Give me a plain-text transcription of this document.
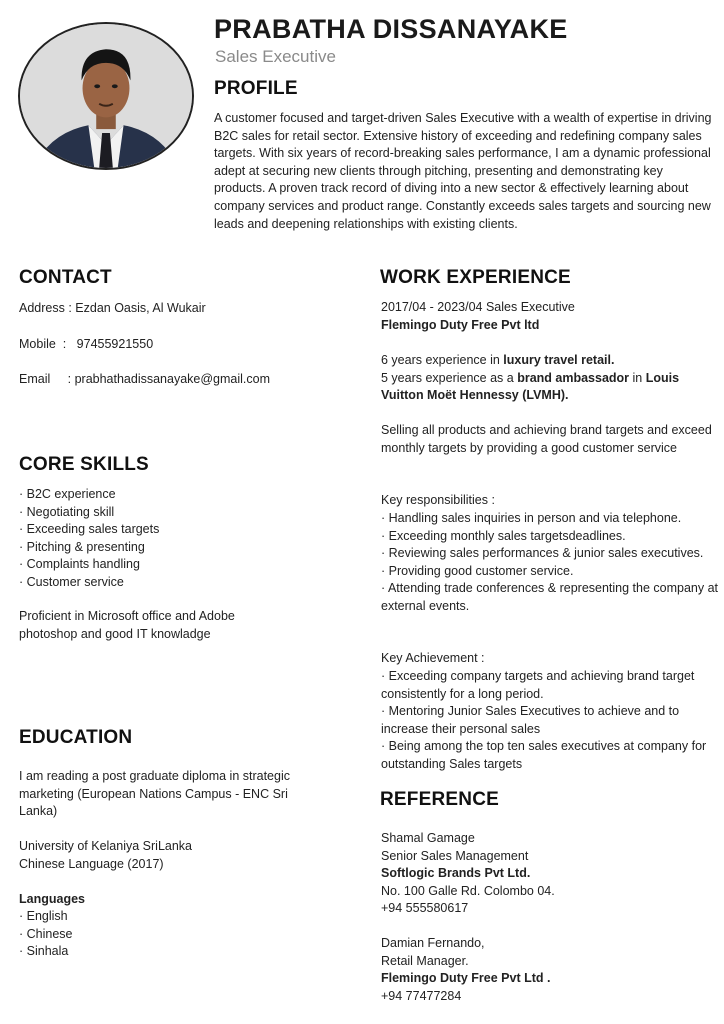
PRABATHA DISSANAYAKE
Sales Executive
PROFILE
A customer focused and target-driven Sales Executive with a wealth of expertise in driving B2C sales for retail sector. Extensive history of exceeding and redefining company sales targets. With six years of record-breaking sales performance, I am a dynamic professional adept at securing new clients through pitching, presenting and demonstrating key products. A proven track record of diving into a new sector & effectively learning about company services and product range. Constantly exceeds sales targets and sourcing new leads and deepening relationships with existing clients.
CONTACT
Address : Ezdan Oasis, Al Wukair
Mobile  : 97455921550
Email     : prabhathadissanayake@gmail.com
CORE SKILLS
· B2C experience
· Negotiating skill
· Exceeding sales targets
· Pitching & presenting
· Complaints handling
· Customer service
Proficient in Microsoft office and Adobe photoshop and good IT knowladge
EDUCATION
I am reading a post graduate diploma in strategic marketing (European Nations Campus - ENC Sri Lanka)
University of Kelaniya SriLanka
Chinese Language (2017)
Languages
· English
· Chinese
· Sinhala
WORK EXPERIENCE
2017/04 - 2023/04 Sales Executive
Flemingo Duty Free Pvt ltd
6 years experience in luxury travel retail.
5 years experience as a brand ambassador in Louis Vuitton Moët Hennessy (LVMH).
Selling all products and achieving brand targets and exceed monthly targets by providing a good customer service
Key responsibilities :
· Handling sales inquiries in person and via telephone.
· Exceeding monthly sales targetsdeadlines.
· Reviewing sales performances & junior sales executives.
· Providing good customer service.
· Attending trade conferences & representing the company at external events.
Key Achievement :
· Exceeding company targets and achieving brand target consistently for a long period.
· Mentoring Junior Sales Executives to achieve and to increase their personal sales
· Being among the top ten sales executives at company for outstanding Sales targets
REFERENCE
Shamal Gamage
Senior Sales Management
Softlogic Brands Pvt Ltd.
No. 100 Galle Rd. Colombo 04.
+94 555580617
Damian Fernando,
Retail Manager.
Flemingo Duty Free Pvt Ltd .
+94 77477284
